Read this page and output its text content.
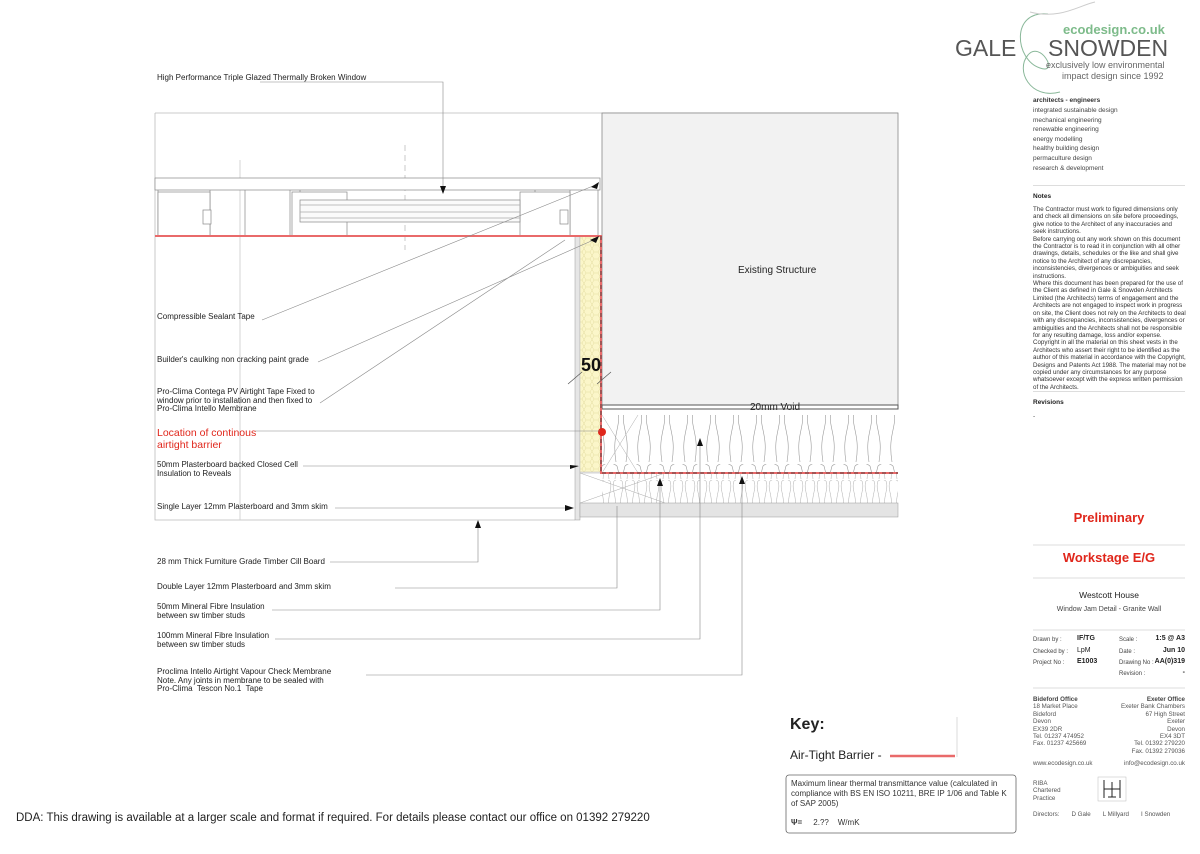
High Performance Triple Glazed Thermally Broken Window
Compressible Sealant Tape
Builder's caulking non cracking paint grade
Pro-Clima Contega PV Airtight Tape Fixed to
window prior to installation and then fixed to
Pro-Clima Intello Membrane
Location of continous
airtight barrier
50mm Plasterboard backed Closed Cell
Insulation to Reveals
Single Layer 12mm Plasterboard and 3mm skim
28 mm Thick Furniture Grade Timber Cill Board
Double Layer 12mm Plasterboard and 3mm skim
50mm Mineral Fibre Insulation
between sw timber studs
100mm Mineral Fibre Insulation
between sw timber studs
Proclima Intello Airtight Vapour Check Membrane
Note. Any joints in membrane to be sealed with
Pro-Clima  Tescon No.1  Tape
Existing Structure
20mm Void
50
Key:
Air-Tight Barrier -
Maximum linear thermal transmittance value (calculated in compliance with BS EN ISO 10211, BRE IP 1/06 and Table K of SAP 2005)
Ψ= 2.?? W/mK
DDA: This drawing is available at a larger scale and format if required. For details please contact our office on 01392 279220
ecodesign.co.uk
GALE SNOWDEN
exclusively low environmental
impact design since 1992
architects - engineers
integrated sustainable design
mechanical engineering
renewable engineering
energy modelling
healthy building design
permaculture design
research & development
Notes
The Contractor must work to figured dimensions only and check all dimensions on site before proceedings, give notice to the Architect of any inaccuracies and seek instructions.
Before carrying out any work shown on this document the Contractor is to read it in conjunction with all other drawings, details, schedules or the like and shall give notice to the Architect of any discrepancies, inconsistencies, divergences or ambiguities and seek instructions.
Where this document has been prepared for the use of the Client as defined in Gale & Snowden Architects Limited (the Architects) terms of engagement and the Architects are not engaged to inspect work in progress on site, the Client does not rely on the Architects to deal with any discrepancies, inconsistencies, divergences or ambiguities and the Architects shall not be responsible for any resulting damage, loss and/or expense.
Copyright in all the material on this sheet vests in the Architects who assert their right to be identified as the author of this material in accordance with the Copyright, Designs and Patents Act 1988. The material may not be copied under any circumstances for any purpose whatsoever except with the express written permission of the Architects.
Revisions
-
Preliminary
Workstage E/G
Westcott House
Window Jam Detail - Granite Wall
Drawn by : IF/TG
Checked by : LpM
Project No : E1003
Scale :	1:5 @ A3
Date :	Jun 10
Drawing No : AA(0)319
Revision :	-
Bideford Office
18 Market Place
Bideford
Devon
EX39 2DR
Tel. 01237 474952
Fax. 01237 425669
Exeter Office
Exeter Bank Chambers
67 High Street
Exeter
Devon
EX4 3DT
Tel. 01392 279220
Fax. 01392 279036
www.ecodesign.co.uk	info@ecodesign.co.uk
RIBA
Chartered
Practice
Directors: D Gale L Millyard I Snowden
